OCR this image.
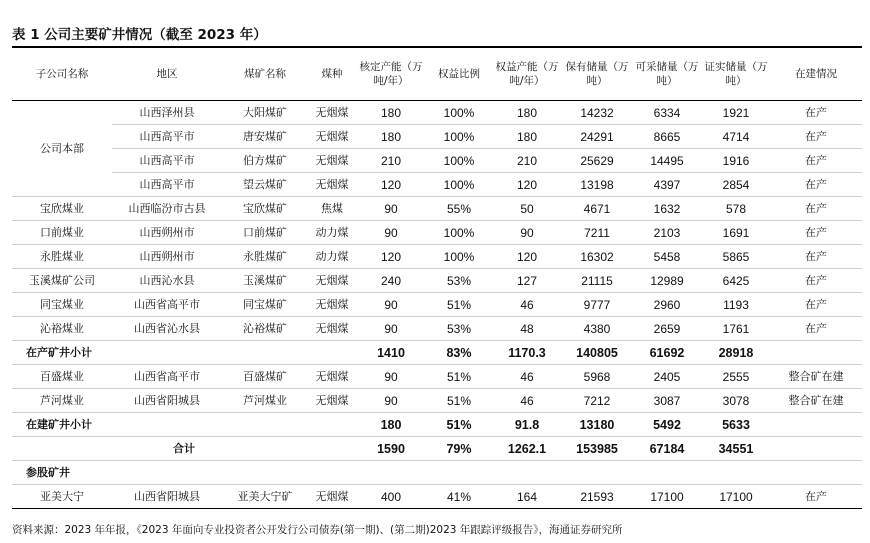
表 1 公司主要矿井情况（截至 2023 年）
子公司名称	地区	煤矿名称	煤种	核定产能（万吨/年）	权益比例	权益产能（万吨/年）	保有储量（万吨）	可采储量（万吨）	证实储量（万吨）	在建情况
公司本部	山西泽州县	大阳煤矿	无烟煤	180	100%	180	14232	6334	1921	在产
	山西高平市	唐安煤矿	无烟煤	180	100%	180	24291	8665	4714	在产
	山西高平市	伯方煤矿	无烟煤	210	100%	210	25629	14495	1916	在产
	山西高平市	望云煤矿	无烟煤	120	100%	120	13198	4397	2854	在产
宝欣煤业	山西临汾市古县	宝欣煤矿	焦煤	90	55%	50	4671	1632	578	在产
口前煤业	山西朔州市	口前煤矿	动力煤	90	100%	90	7211	2103	1691	在产
永胜煤业	山西朔州市	永胜煤矿	动力煤	120	100%	120	16302	5458	5865	在产
玉溪煤矿公司	山西沁水县	玉溪煤矿	无烟煤	240	53%	127	21115	12989	6425	在产
同宝煤业	山西省高平市	同宝煤矿	无烟煤	90	51%	46	9777	2960	1193	在产
沁裕煤业	山西省沁水县	沁裕煤矿	无烟煤	90	53%	48	4380	2659	1761	在产
在产矿井小计				1410	83%	1170.3	140805	61692	28918	
百盛煤业	山西省高平市	百盛煤矿	无烟煤	90	51%	46	5968	2405	2555	整合矿在建
芦河煤业	山西省阳城县	芦河煤业	无烟煤	90	51%	46	7212	3087	3078	整合矿在建
在建矿井小计				180	51%	91.8	13180	5492	5633	
合计				1590	79%	1262.1	153985	67184	34551	
参股矿井										
亚美大宁	山西省阳城县	亚美大宁矿	无烟煤	400	41%	164	21593	17100	17100	在产
资料来源：2023 年年报，《2023 年面向专业投资者公开发行公司债券(第一期)、(第二期)2023 年跟踪评级报告》，海通证券研究所
